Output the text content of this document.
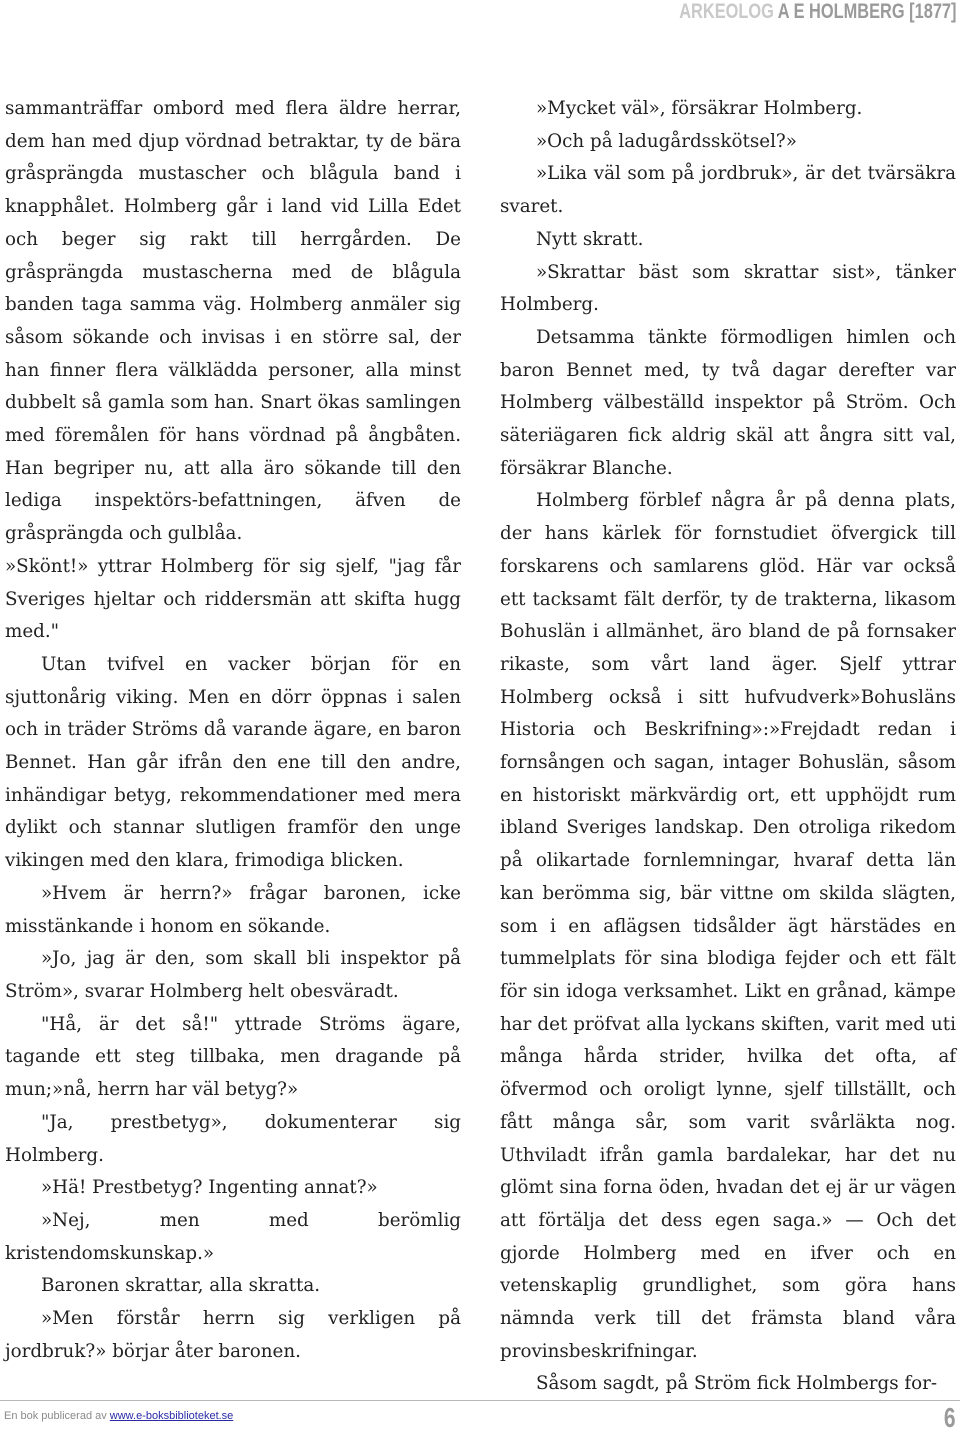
ARKEOLOG A E HOLMBERG [1877]

sammanträffar ombord med flera äldre herrar, dem han med djup vördnad betraktar, ty de bära gråsprängda mustascher och blågula band i knapphålet. Holmberg går i land vid Lilla Edet och beger sig rakt till herrgården. De gråsprängda mustascherna med de blågula banden taga samma väg. Holmberg anmäler sig såsom sökande och invisas i en större sal, der han finner flera välklädda personer, alla minst dubbelt så gamla som han. Snart ökas samlingen med föremålen för hans vördnad på ångbåten. Han begriper nu, att alla äro sökande till den lediga inspektörs-befattningen, äfven de gråsprängda och gulblåa.

»Skönt!» yttrar Holmberg för sig sjelf, "jag får Sveriges hjeltar och riddersmän att skifta hugg med."

Utan tvifvel en vacker början för en sjuttonårig viking. Men en dörr öppnas i salen och in träder Ströms då varande ägare, en baron Bennet. Han går ifrån den ene till den andre, inhändigar betyg, rekommendationer med mera dylikt och stannar slutligen framför den unge vikingen med den klara, frimodiga blicken.

»Hvem är herrn?» frågar baronen, icke misstänkande i honom en sökande.

»Jo, jag är den, som skall bli inspektor på Ström», svarar Holmberg helt obesväradt.

"Hå, är det så!" yttrade Ströms ägare, tagande ett steg tillbaka, men dragande på mun;»nå, herrn har väl betyg?»

"Ja, prestbetyg», dokumenterar sig Holmberg.

»Hä! Prestbetyg? Ingenting annat?»

»Nej, men med berömlig kristendomskunskap.»

Baronen skrattar, alla skratta.

»Men förstår herrn sig verkligen på jordbruk?» börjar åter baronen.

»Mycket väl», försäkrar Holmberg.

»Och på ladugårdsskötsel?»

»Lika väl som på jordbruk», är det tvärsäkra svaret.

Nytt skratt.

»Skrattar bäst som skrattar sist», tänker Holmberg.

Detsamma tänkte förmodligen himlen och baron Bennet med, ty två dagar derefter var Holmberg välbeställd inspektor på Ström. Och säteriägaren fick aldrig skäl att ångra sitt val, försäkrar Blanche.

Holmberg förblef några år på denna plats, der hans kärlek för fornstudiet öfvergick till forskarens och samlarens glöd. Här var också ett tacksamt fält derför, ty de trakterna, likasom Bohuslän i allmänhet, äro bland de på fornsaker rikaste, som vårt land äger. Sjelf yttrar Holmberg också i sitt hufvudverk»Bohusläns Historia och Beskrifning»:»Frejdadt redan i fornsången och sagan, intager Bohuslän, såsom en historiskt märkvärdig ort, ett upphöjdt rum ibland Sveriges landskap. Den otroliga rikedom på olikartade fornlemningar, hvaraf detta län kan berömma sig, bär vittne om skilda slägten, som i en aflägsen tidsålder ägt härstädes en tummelplats för sina blodiga fejder och ett fält för sin idoga verksamhet. Likt en grånad, kämpe har det pröfvat alla lyckans skiften, varit med uti många hårda strider, hvilka det ofta, af öfvermod och oroligt lynne, sjelf tillställt, och fått många sår, som varit svårläkta nog. Uthviladt ifrån gamla bardalekar, har det nu glömt sina forna öden, hvadan det ej är ur vägen att förtälja det dess egen saga.» — Och det gjorde Holmberg med en ifver och en vetenskaplig grundlighet, som göra hans nämnda verk till det främsta bland våra provinsbeskrifningar.

Såsom sagdt, på Ström fick Holmbergs for-

En bok publicerad av www.e-boksbiblioteket.se	6
